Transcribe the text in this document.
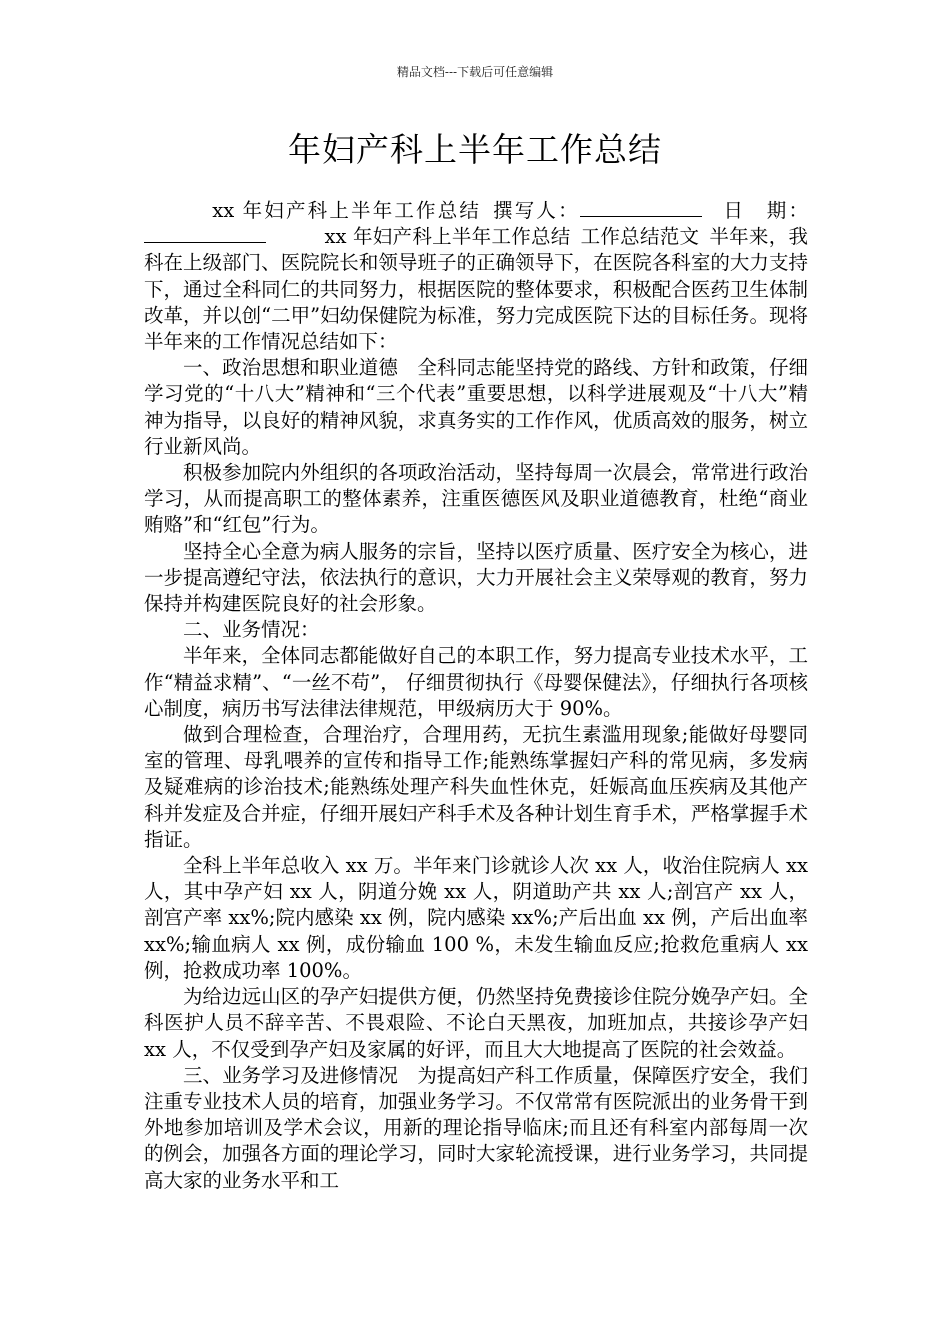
精品文档---下载后可任意编辑
年妇产科上半年工作总结

xx 年妇产科上半年工作总结 撰写人：	日　期：xx 年妇产科上半年工作总结 工作总结范文 半年来，我科在上级部门、医院院长和领导班子的正确领导下，在医院各科室的大力支持下，通过全科同仁的共同努力，根据医院的整体要求，积极配合医药卫生体制改革，并以创“二甲”妇幼保健院为标准，努力完成医院下达的目标任务。现将半年来的工作情况总结如下：

一、政治思想和职业道德　全科同志能坚持党的路线、方针和政策，仔细学习党的“十八大”精神和“三个代表”重要思想，以科学进展观及“十八大”精神为指导，以良好的精神风貌，求真务实的工作作风，优质高效的服务，树立行业新风尚。

积极参加院内外组织的各项政治活动，坚持每周一次晨会，常常进行政治学习，从而提高职工的整体素养，注重医德医风及职业道德教育，杜绝“商业贿赂”和“红包”行为。

坚持全心全意为病人服务的宗旨，坚持以医疗质量、医疗安全为核心，进一步提高遵纪守法，依法执行的意识，大力开展社会主义荣辱观的教育，努力保持并构建医院良好的社会形象。

二、业务情况：

半年来，全体同志都能做好自己的本职工作，努力提高专业技术水平，工作“精益求精”、“一丝不苟”， 仔细贯彻执行《母婴保健法》，仔细执行各项核心制度，病历书写法律法律规范，甲级病历大于 90%。

做到合理检查，合理治疗，合理用药，无抗生素滥用现象;能做好母婴同室的管理、母乳喂养的宣传和指导工作;能熟练掌握妇产科的常见病，多发病及疑难病的诊治技术;能熟练处理产科失血性休克，妊娠高血压疾病及其他产科并发症及合并症，仔细开展妇产科手术及各种计划生育手术，严格掌握手术指证。

全科上半年总收入 xx 万。半年来门诊就诊人次 xx 人，收治住院病人 xx 人，其中孕产妇 xx 人，阴道分娩 xx 人，阴道助产共 xx 人;剖宫产 xx 人，剖宫产率 xx%;院内感染 xx 例，院内感染 xx%;产后出血 xx 例，产后出血率 xx%;输血病人 xx 例，成份输血 100 %，未发生输血反应;抢救危重病人 xx 例，抢救成功率 100%。

为给边远山区的孕产妇提供方便，仍然坚持免费接诊住院分娩孕产妇。全科医护人员不辞辛苦、不畏艰险、不论白天黑夜，加班加点，共接诊孕产妇 xx 人，不仅受到孕产妇及家属的好评，而且大大地提高了医院的社会效益。

三、业务学习及进修情况　为提高妇产科工作质量，保障医疗安全，我们注重专业技术人员的培育，加强业务学习。不仅常常有医院派出的业务骨干到外地参加培训及学术会议，用新的理论指导临床;而且还有科室内部每周一次的例会，加强各方面的理论学习，同时大家轮流授课，进行业务学习，共同提高大家的业务水平和工
